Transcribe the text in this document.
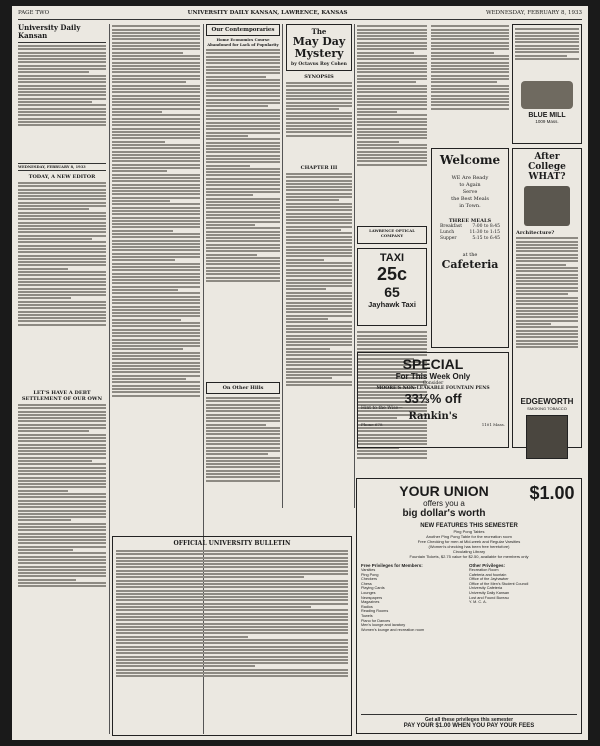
PAGE TWO	UNIVERSITY DAILY KANSAN, LAWRENCE, KANSAS	WEDNESDAY, FEBRUARY 8, 1933
University Daily Kansan
WEDNESDAY, FEBRUARY 8, 1933
TODAY, A NEW EDITOR
LET'S HAVE A DEBT SETTLEMENT OF OUR OWN
Our Contemporaries
Home Economics Course Abandoned for Lack of Popularity
On Other Hills
The
May Day
Mystery
by Octavus Roy Cohen
SYNOPSIS
CHAPTER III
LAWRENCE OPTICAL COMPANY
TAXI
25c
65
Jayhawk Taxi
BLUE MILL
1009 Mass.
Welcome
WE Are Ready
to Again
Serve
the Best Meals
in Town.
THREE MEALS
Breakfast 7:00 to 8:45
Lunch	11:30 to 1:15
Supper	5:15 to 6:45
at the
Cafeteria
After College WHAT?
Architecture?
EDGEWORTH
SMOKING TOBACCO
SPECIAL
For This Week Only
Consider
MOORE'S NON-LEAKABLE FOUNTAIN PENS
33⅓% off
Hint to the Wise—
Rankin's
Phone 678	1101 Mass.
OFFICIAL UNIVERSITY BULLETIN
YOUR UNION
offers you a
big dollar's worth
$1.00
NEW FEATURES THIS SEMESTER
Ping Pong Tables
Another Ping Pong Table for the recreation room
Free Checking for men at Mid-week and Regular Varsities
(Women's checking has been free heretofore)
Circulating Library
Fountain Tickets, $2.75 value for $2.50, available for members only
Free Privileges for Members:
Varsities
Ping Pong
Checkers
Chess
Playing Cards
Lounges
Newspapers
Magazines
Radios
Reading Rooms
Towels
Piano for Dances
Men's lounge and lavatory
Women's lounge and recreation room
Other Privileges:
Recreation Room
Cafeteria and fountain
Office of the Jayhawker
Office of the Men's Student Council
University Cafeteria
University Daily Kansan
Lost and Found Bureau
Y. M. C. A.
Get all these privileges this semester
PAY YOUR $1.00 WHEN YOU PAY YOUR FEES
